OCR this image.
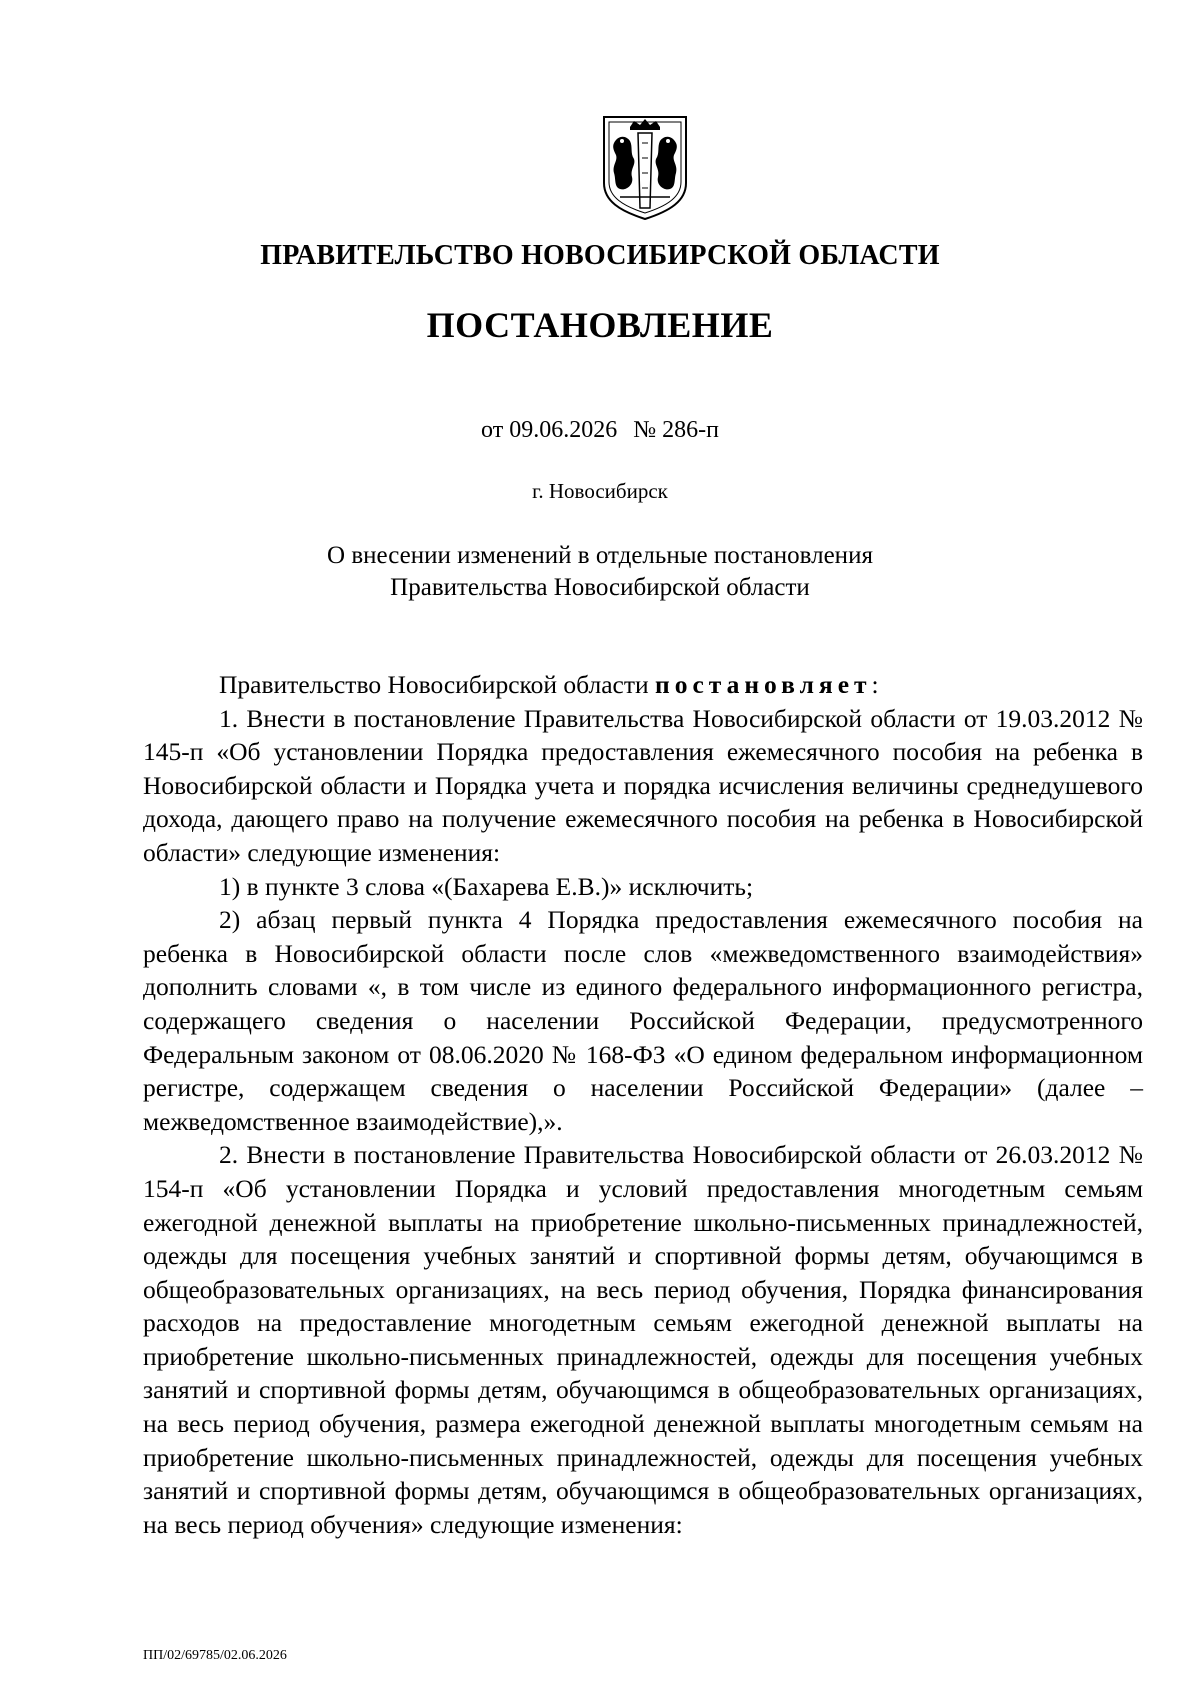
ПРАВИТЕЛЬСТВО НОВОСИБИРСКОЙ ОБЛАСТИ
ПОСТАНОВЛЕНИЕ
от 09.06.2026 № 286-п
г. Новосибирск
О внесении изменений в отдельные постановления
Правительства Новосибирской области

Правительство Новосибирской области постановляет:

1. Внести в постановление Правительства Новосибирской области от 19.03.2012 № 145-п «Об установлении Порядка предоставления ежемесячного пособия на ребенка в Новосибирской области и Порядка учета и порядка исчисления величины среднедушевого дохода, дающего право на получение ежемесячного пособия на ребенка в Новосибирской области» следующие изменения:

1) в пункте 3 слова «(Бахарева Е.В.)» исключить;

2) абзац первый пункта 4 Порядка предоставления ежемесячного пособия на ребенка в Новосибирской области после слов «межведомственного взаимодействия» дополнить словами «, в том числе из единого федерального информационного регистра, содержащего сведения о населении Российской Федерации, предусмотренного Федеральным законом от 08.06.2020 № 168-ФЗ «О едином федеральном информационном регистре, содержащем сведения о населении Российской Федерации» (далее – межведомственное взаимодействие),».

2. Внести в постановление Правительства Новосибирской области от 26.03.2012 № 154-п «Об установлении Порядка и условий предоставления многодетным семьям ежегодной денежной выплаты на приобретение школьно-письменных принадлежностей, одежды для посещения учебных занятий и спортивной формы детям, обучающимся в общеобразовательных организациях, на весь период обучения, Порядка финансирования расходов на предоставление многодетным семьям ежегодной денежной выплаты на приобретение школьно-письменных принадлежностей, одежды для посещения учебных занятий и спортивной формы детям, обучающимся в общеобразовательных организациях, на весь период обучения, размера ежегодной денежной выплаты многодетным семьям на приобретение школьно-письменных принадлежностей, одежды для посещения учебных занятий и спортивной формы детям, обучающимся в общеобразовательных организациях, на весь период обучения» следующие изменения:

ПП/02/69785/02.06.2026
